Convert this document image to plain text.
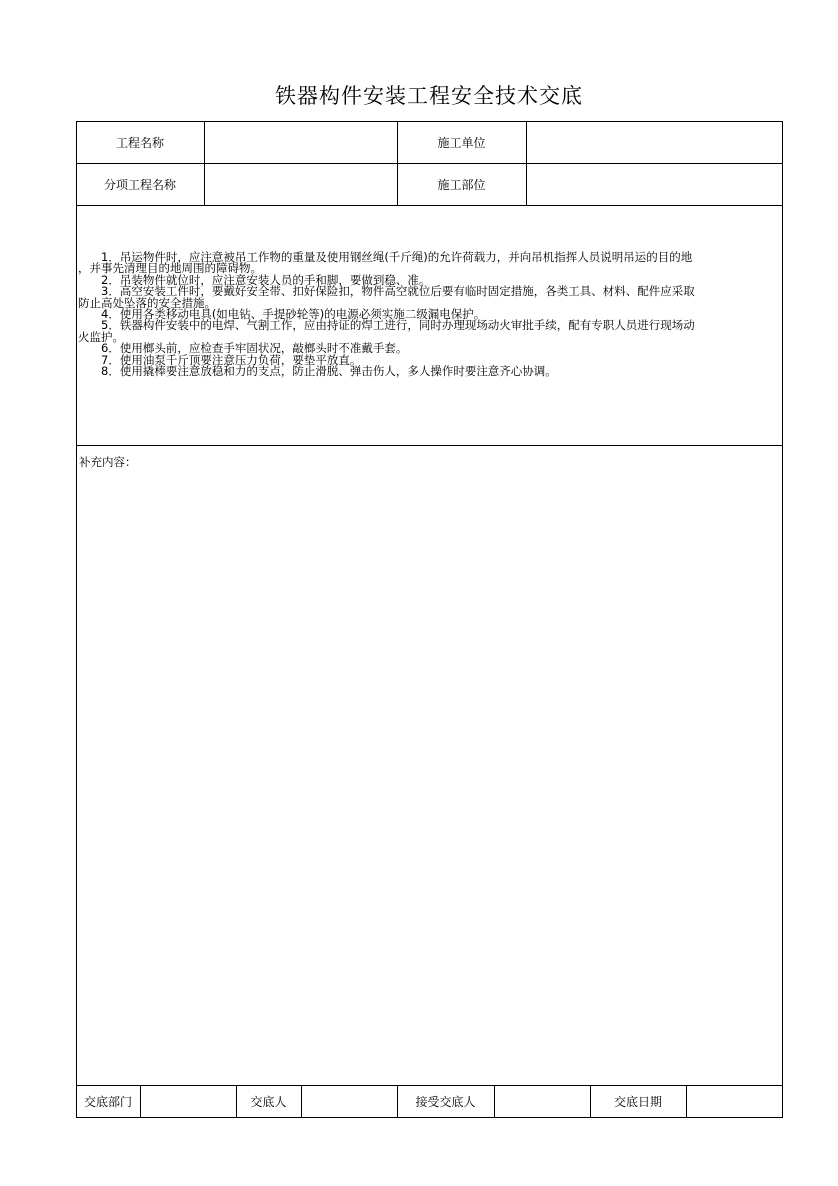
铁器构件安装工程安全技术交底
工程名称	施工单位
分项工程名称	施工部位

　　1．吊运物件时，应注意被吊工作物的重量及使用钢丝绳(千斤绳)的允许荷载力，并向吊机指挥人员说明吊运的目的地

，并事先清理目的地周围的障碍物。

　　2．吊装物件就位时，应注意安装人员的手和脚，要做到稳、准。

　　3．高空安装工件时，要戴好安全带、扣好保险扣，物件高空就位后要有临时固定措施，各类工具、材料、配件应采取

防止高处坠落的安全措施。

　　4．使用各类移动电具(如电钻、手提砂轮等)的电源必须实施二级漏电保护。

　　5．铁器构件安装中的电焊、气割工作，应由持证的焊工进行，同时办理现场动火审批手续，配有专职人员进行现场动

火监护。

　　6．使用榔头前，应检查手牢固状况，敲榔头时不准戴手套。

　　7．使用油泵千斤顶要注意压力负荷，要垫平放直。

　　8．使用撬棒要注意放稳和力的支点，防止滑脱、弹击伤人，多人操作时要注意齐心协调。

补充内容：
交底部门	交底人	接受交底人	交底日期
